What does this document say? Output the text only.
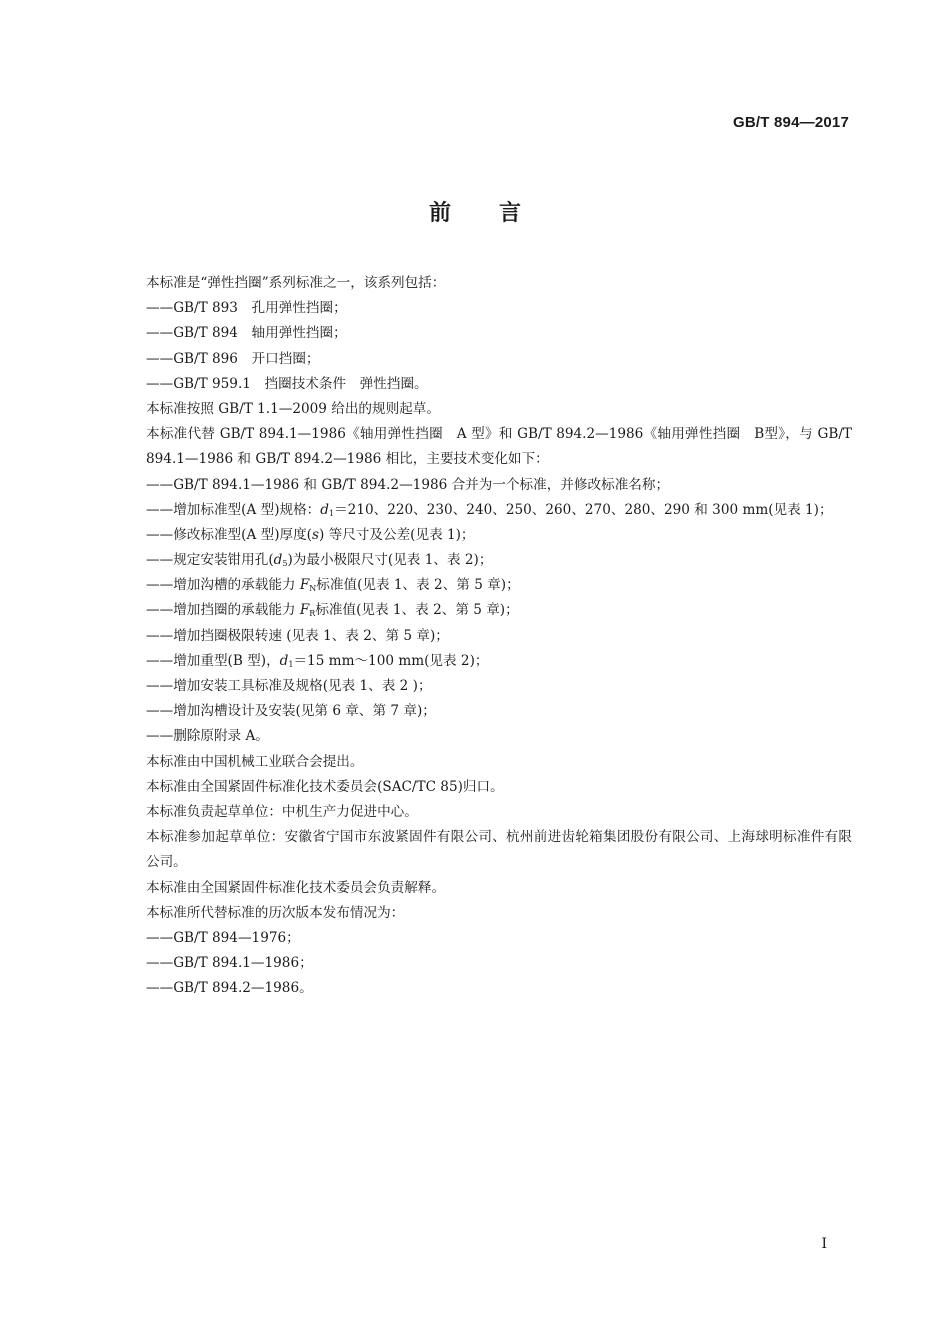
GB/T 894—2017
前言
本标准是“弹性挡圈”系列标准之一，该系列包括：
—— GB/T 893　孔用弹性挡圈；
—— GB/T 894　轴用弹性挡圈；
—— GB/T 896　开口挡圈；
—— GB/T 959.1　挡圈技术条件　弹性挡圈。
本标准按照 GB/T 1.1—2009 给出的规则起草。
本标准代替 GB/T 894.1—1986《轴用弹性挡圈　A 型》和 GB/T 894.2—1986《轴用弹性挡圈　B型》，与 GB/T 894.1—1986 和 GB/T 894.2—1986 相比，主要技术变化如下：
—— GB/T 894.1—1986 和 GB/T 894.2—1986 合并为一个标准，并修改标准名称；
—— 增加标准型(A 型)规格：$d_1=210$、220、230、240、250、260、270、280、290 和 300 mm(见表 1)；
—— 修改标准型(A 型)厚度(s) 等尺寸及公差(见表 1)；
—— 规定安装钳用孔$(d_5)$为最小极限尺寸(见表 1、表 2)；
—— 增加沟槽的承载能力 $F_N$标准值(见表 1、表 2、第 5 章)；
—— 增加挡圈的承载能力 $F_R$标准值(见表 1、表 2、第 5 章)；
—— 增加挡圈极限转速 (见表 1、表 2、第 5 章)；
—— 增加重型(B 型)，$d_1=15$ mm～100 mm(见表 2)；
—— 增加安装工具标准及规格(见表 1、表 2 )；
—— 增加沟槽设计及安装(见第 6 章、第 7 章)；
—— 删除原附录 A。
本标准由中国机械工业联合会提出。
本标准由全国紧固件标准化技术委员会(SAC/TC 85)归口。
本标准负责起草单位：中机生产力促进中心。
本标准参加起草单位：安徽省宁国市东波紧固件有限公司、杭州前进齿轮箱集团股份有限公司、上海球明标准件有限公司。
本标准由全国紧固件标准化技术委员会负责解释。
本标准所代替标准的历次版本发布情况为：
—— GB/T 894—1976；
—— GB/T 894.1—1986；
—— GB/T 894.2—1986。
I
